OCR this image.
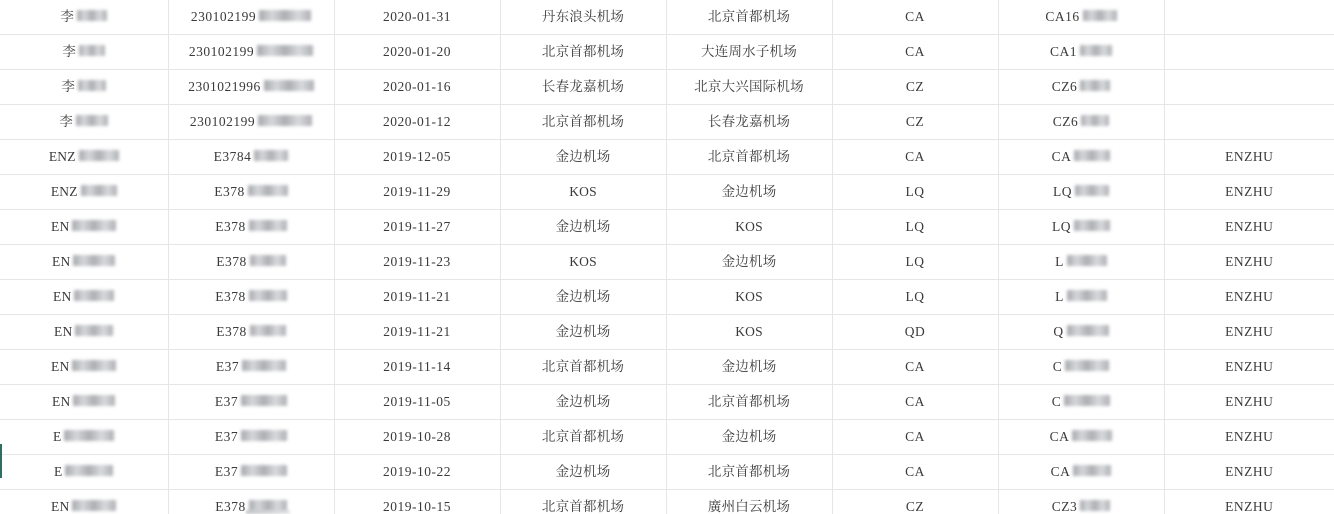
李	230102199	2020-01-31	丹东浪头机场	北京首都机场	CA	CA16	

李	230102199	2020-01-20	北京首都机场	大连周水子机场	CA	CA1	

李	2301021996	2020-01-16	长春龙嘉机场	北京大兴国际机场	CZ	CZ6	

李	230102199	2020-01-12	北京首都机场	长春龙嘉机场	CZ	CZ6	

ENZ	E3784	2019-12-05	金边机场	北京首都机场	CA	CA	ENZHU

ENZ	E378	2019-11-29	KOS	金边机场	LQ	LQ	ENZHU

EN	E378	2019-11-27	金边机场	KOS	LQ	LQ	ENZHU

EN	E378	2019-11-23	KOS	金边机场	LQ	L	ENZHU

EN	E378	2019-11-21	金边机场	KOS	LQ	L	ENZHU

EN	E378	2019-11-21	金边机场	KOS	QD	Q	ENZHU

EN	E37	2019-11-14	北京首都机场	金边机场	CA	C	ENZHU

EN	E37	2019-11-05	金边机场	北京首都机场	CA	C	ENZHU

E	E37	2019-10-28	北京首都机场	金边机场	CA	CA	ENZHU

E	E37	2019-10-22	金边机场	北京首都机场	CA	CA	ENZHU

EN	E378	2019-10-15	北京首都机场	廣州白云机场	CZ	CZ3	ENZHU
